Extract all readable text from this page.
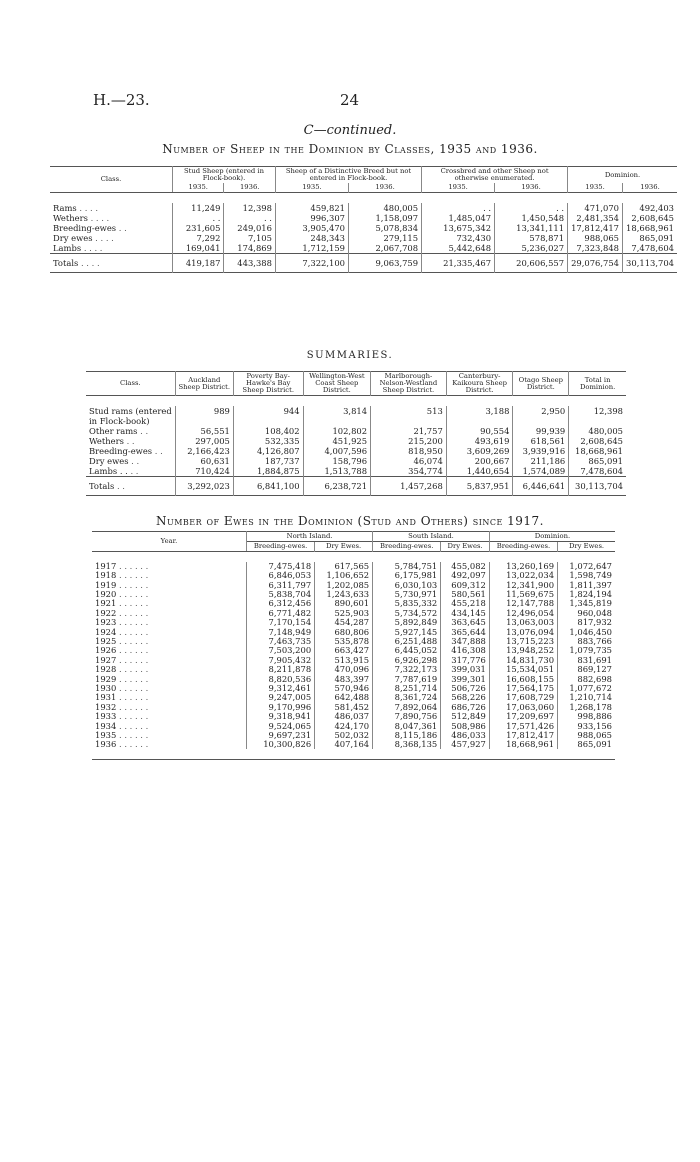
H.—23.	24
C—continued.
Number of Sheep in the Dominion by Classes, 1935 and 1936.
Class.	Stud Sheep (entered in Flock-book).		Sheep of a Distinctive Breed but not entered in Flock-book.		Crossbred and other Sheep not otherwise enumerated.		Dominion.	
	1935.	1936.	1935.	1936.	1935.	1936.	1935.	1936.

Rams . . . .	11,249	12,398	459,821	480,005	. .	. .	471,070	492,403
Wethers . . . .	. .	. .	996,307	1,158,097	1,485,047	1,450,548	2,481,354	2,608,645
Breeding-ewes . .	231,605	249,016	3,905,470	5,078,834	13,675,342	13,341,111	17,812,417	18,668,961
Dry ewes . . . .	7,292	7,105	248,343	279,115	732,430	578,871	988,065	865,091
Lambs . . . .	169,041	174,869	1,712,159	2,067,708	5,442,648	5,236,027	7,323,848	7,478,604
Totals . . . .	419,187	443,388	7,322,100	9,063,759	21,335,467	20,606,557	29,076,754	30,113,704
SUMMARIES.
Class.	Auckland Sheep District.	Poverty Bay-Hawke's Bay Sheep District.	Wellington-West Coast Sheep District.	Marlborough-Nelson-Westland Sheep District.	Canterbury-Kaikoura Sheep District.	Otago Sheep District.	Total in Dominion.

Stud rams (entered	989	944	3,814	513	3,188	2,950	12,398
in Flock-book)							
Other rams . .	56,551	108,402	102,802	21,757	90,554	99,939	480,005
Wethers . .	297,005	532,335	451,925	215,200	493,619	618,561	2,608,645
Breeding-ewes . .	2,166,423	4,126,807	4,007,596	818,950	3,609,269	3,939,916	18,668,961
Dry ewes . .	60,631	187,737	158,796	46,074	200,667	211,186	865,091
Lambs . . . .	710,424	1,884,875	1,513,788	354,774	1,440,654	1,574,089	7,478,604
Totals . .	3,292,023	6,841,100	6,238,721	1,457,268	5,837,951	6,446,641	30,113,704
Number of Ewes in the Dominion (Stud and Others) since 1917.
Year.	North Island.		South Island.		Dominion.	
	Breeding-ewes.	Dry Ewes.	Breeding-ewes.	Dry Ewes.	Breeding-ewes.	Dry Ewes.

1917 . . . . . .	7,475,418	617,565	5,784,751	455,082	13,260,169	1,072,647
1918 . . . . . .	6,846,053	1,106,652	6,175,981	492,097	13,022,034	1,598,749
1919 . . . . . .	6,311,797	1,202,085	6,030,103	609,312	12,341,900	1,811,397
1920 . . . . . .	5,838,704	1,243,633	5,730,971	580,561	11,569,675	1,824,194
1921 . . . . . .	6,312,456	890,601	5,835,332	455,218	12,147,788	1,345,819
1922 . . . . . .	6,771,482	525,903	5,734,572	434,145	12,496,054	960,048
1923 . . . . . .	7,170,154	454,287	5,892,849	363,645	13,063,003	817,932
1924 . . . . . .	7,148,949	680,806	5,927,145	365,644	13,076,094	1,046,450
1925 . . . . . .	7,463,735	535,878	6,251,488	347,888	13,715,223	883,766
1926 . . . . . .	7,503,200	663,427	6,445,052	416,308	13,948,252	1,079,735
1927 . . . . . .	7,905,432	513,915	6,926,298	317,776	14,831,730	831,691
1928 . . . . . .	8,211,878	470,096	7,322,173	399,031	15,534,051	869,127
1929 . . . . . .	8,820,536	483,397	7,787,619	399,301	16,608,155	882,698
1930 . . . . . .	9,312,461	570,946	8,251,714	506,726	17,564,175	1,077,672
1931 . . . . . .	9,247,005	642,488	8,361,724	568,226	17,608,729	1,210,714
1932 . . . . . .	9,170,996	581,452	7,892,064	686,726	17,063,060	1,268,178
1933 . . . . . .	9,318,941	486,037	7,890,756	512,849	17,209,697	998,886
1934 . . . . . .	9,524,065	424,170	8,047,361	508,986	17,571,426	933,156
1935 . . . . . .	9,697,231	502,032	8,115,186	486,033	17,812,417	988,065
1936 . . . . . .	10,300,826	407,164	8,368,135	457,927	18,668,961	865,091
